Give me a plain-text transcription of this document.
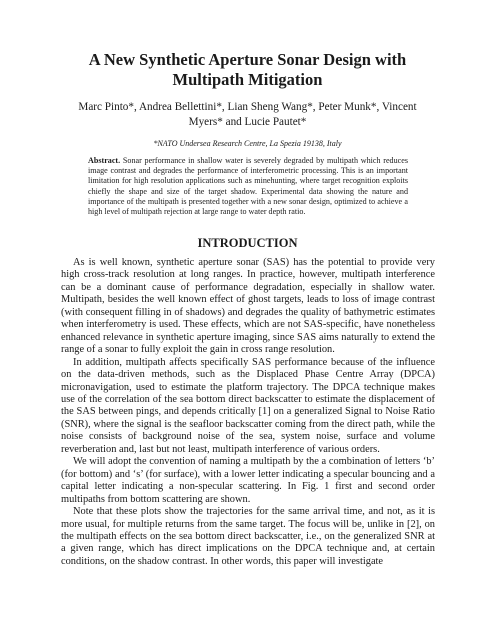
A New Synthetic Aperture Sonar Design with Multipath Mitigation
Marc Pinto*, Andrea Bellettini*, Lian Sheng Wang*, Peter Munk*, Vincent Myers* and Lucie Pautet*
*NATO Undersea Research Centre, La Spezia 19138, Italy

Abstract. Sonar performance in shallow water is severely degraded by multipath which reduces image contrast and degrades the performance of interferometric processing. This is an important limitation for high resolution applications such as minehunting, where target recognition exploits chiefly the shape and size of the target shadow. Experimental data showing the nature and importance of the multipath is presented together with a new sonar design, optimized to achieve a high level of multipath rejection at large range to water depth ratio.

INTRODUCTION

As is well known, synthetic aperture sonar (SAS) has the potential to provide very high cross-track resolution at long ranges. In practice, however, multipath interference can be a dominant cause of performance degradation, especially in shallow water. Multipath, besides the well known effect of ghost targets, leads to loss of image contrast (with consequent filling in of shadows) and degrades the quality of bathymetric estimates when interferometry is used. These effects, which are not SAS-specific, have nonetheless enhanced relevance in synthetic aperture imaging, since SAS aims naturally to extend the range of a sonar to fully exploit the gain in cross range resolution.

In addition, multipath affects specifically SAS performance because of the influence on the data-driven methods, such as the Displaced Phase Centre Array (DPCA) micronavigation, used to estimate the platform trajectory. The DPCA technique makes use of the correlation of the sea bottom direct backscatter to estimate the displacement of the SAS between pings, and depends critically [1] on a generalized Signal to Noise Ratio (SNR), where the signal is the seafloor backscatter coming from the direct path, while the noise consists of background noise of the sea, system noise, surface and volume reverberation and, last but not least, multipath interference of various orders.

We will adopt the convention of naming a multipath by the a combination of letters ‘b’ (for bottom) and ‘s’ (for surface), with a lower letter indicating a specular bouncing and a capital letter indicating a non-specular scattering. In Fig. 1 first and second order multipaths from bottom scattering are shown.

Note that these plots show the trajectories for the same arrival time, and not, as it is more usual, for multiple returns from the same target. The focus will be, unlike in [2], on the multipath effects on the sea bottom direct backscatter, i.e., on the generalized SNR at a given range, which has direct implications on the DPCA technique and, at certain conditions, on the shadow contrast. In other words, this paper will investigate
